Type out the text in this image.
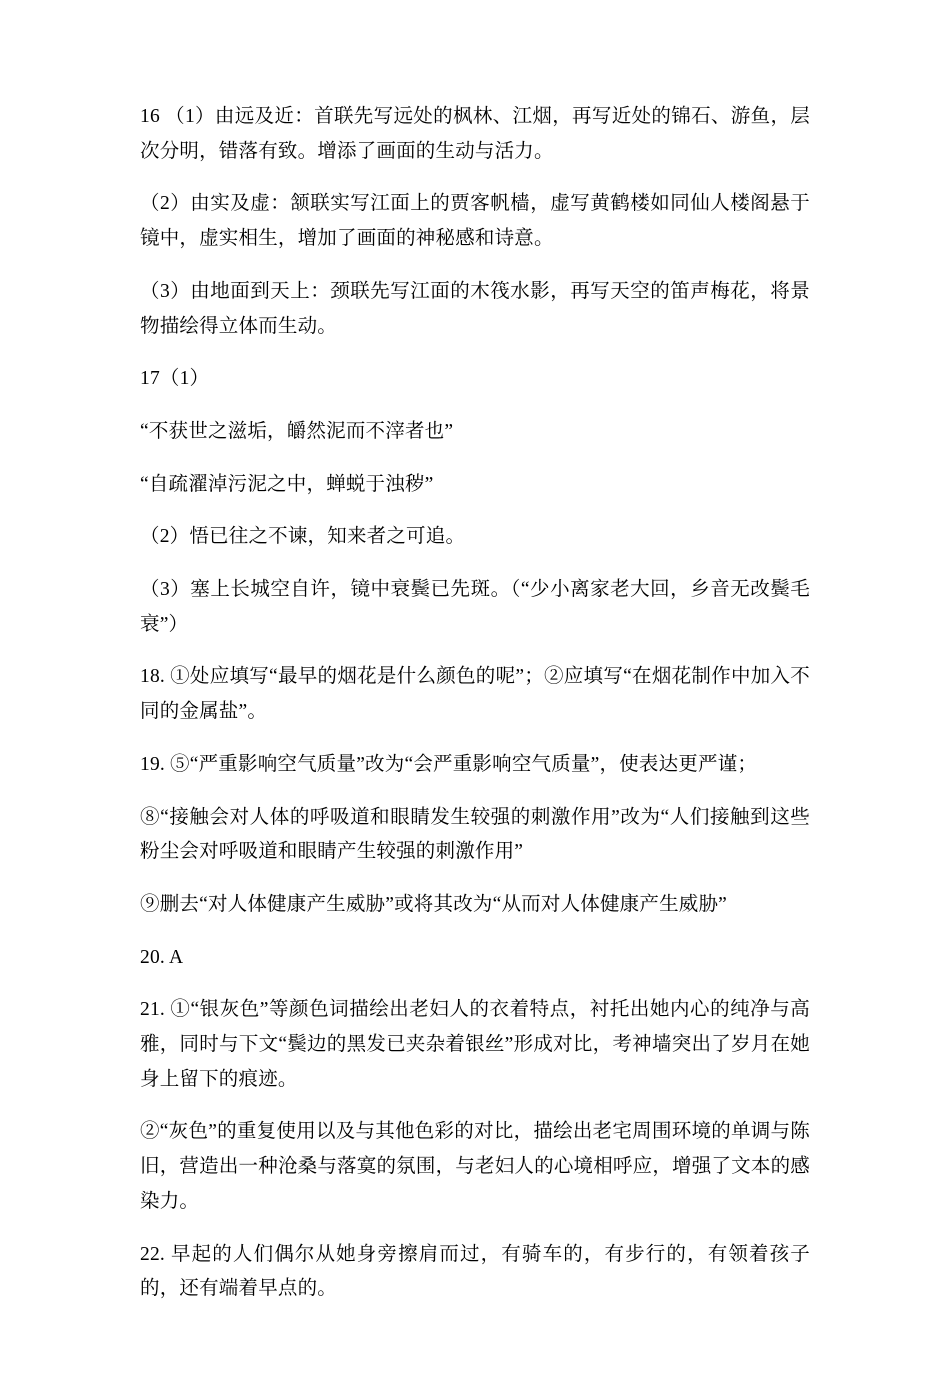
16 （1）由远及近：首联先写远处的枫林、江烟，再写近处的锦石、游鱼，层次分明，错落有致。增添了画面的生动与活力。

（2）由实及虚：颔联实写江面上的贾客帆樯，虚写黄鹤楼如同仙人楼阁悬于镜中，虚实相生，增加了画面的神秘感和诗意。

（3）由地面到天上：颈联先写江面的木筏水影，再写天空的笛声梅花，将景物描绘得立体而生动。

17（1）

“不获世之滋垢，皭然泥而不滓者也”

“自疏濯淖污泥之中，蝉蜕于浊秽”

（2）悟已往之不谏，知来者之可追。

（3）塞上长城空自许，镜中衰鬓已先斑。（“少小离家老大回，乡音无改鬓毛衰”）

18. ①处应填写“最早的烟花是什么颜色的呢”；②应填写“在烟花制作中加入不同的金属盐”。

19. ⑤“严重影响空气质量”改为“会严重影响空气质量”，使表达更严谨；

⑧“接触会对人体的呼吸道和眼睛发生较强的刺激作用”改为“人们接触到这些粉尘会对呼吸道和眼睛产生较强的刺激作用”

⑨删去“对人体健康产生威胁”或将其改为“从而对人体健康产生威胁”

20. A

21. ①“银灰色”等颜色词描绘出老妇人的衣着特点，衬托出她内心的纯净与高雅，同时与下文“鬓边的黑发已夹杂着银丝”形成对比，考神墙突出了岁月在她身上留下的痕迹。

②“灰色”的重复使用以及与其他色彩的对比，描绘出老宅周围环境的单调与陈旧，营造出一种沧桑与落寞的氛围，与老妇人的心境相呼应，增强了文本的感染力。

22. 早起的人们偶尔从她身旁擦肩而过，有骑车的，有步行的，有领着孩子的，还有端着早点的。
